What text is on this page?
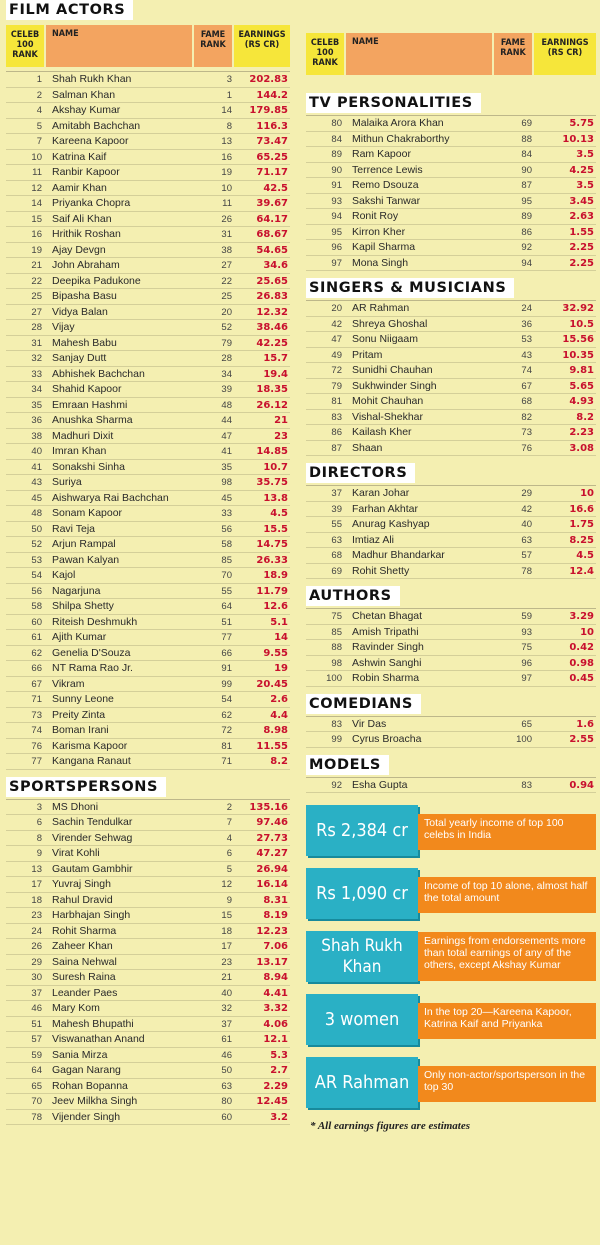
FILM ACTORS
CELEB 100 RANK
NAME	FAME RANK
EARNINGS (RS CR)
1 Shah Rukh Khan	3	202.83
2 Salman Khan	1	144.2
4 Akshay Kumar	14	179.85
5 Amitabh Bachchan	8	116.3
7 Kareena Kapoor	13	73.47
10 Katrina Kaif	16	65.25
11 Ranbir Kapoor	19	71.17
12 Aamir Khan	10	42.5
14 Priyanka Chopra	11	39.67
15 Saif Ali Khan	26	64.17
16 Hrithik Roshan	31	68.67
19 Ajay Devgn	38	54.65
21 John Abraham	27	34.6
22 Deepika Padukone	22	25.65
25 Bipasha Basu	25	26.83
27 Vidya Balan	20	12.32
28 Vijay	52	38.46
31 Mahesh Babu	79	42.25
32 Sanjay Dutt	28	15.7
33 Abhishek Bachchan	34	19.4
34 Shahid Kapoor	39	18.35
35 Emraan Hashmi	48	26.12
36 Anushka Sharma	44	21
38 Madhuri Dixit	47	23
40 Imran Khan	41	14.85
41 Sonakshi Sinha	35	10.7
43 Suriya	98	35.75
45 Aishwarya Rai Bachchan	45	13.8
48 Sonam Kapoor	33	4.5
50 Ravi Teja	56	15.5
52 Arjun Rampal	58	14.75
53 Pawan Kalyan	85	26.33
54 Kajol	70	18.9
56 Nagarjuna	55	11.79
58 Shilpa Shetty	64	12.6
60 Riteish Deshmukh	51	5.1
61 Ajith Kumar	77	14
62 Genelia D'Souza	66	9.55
66 NT Rama Rao Jr.	91	19
67 Vikram	99	20.45
71 Sunny Leone	54	2.6
73 Preity Zinta	62	4.4
74 Boman Irani	72	8.98
76 Karisma Kapoor	81	11.55
77 Kangana Ranaut	71	8.2
SPORTSPERSONS
3 MS Dhoni	2	135.16
6 Sachin Tendulkar	7	97.46
8 Virender Sehwag	4	27.73
9 Virat Kohli	6	47.27
13 Gautam Gambhir	5	26.94
17 Yuvraj Singh	12	16.14
18 Rahul Dravid	9	8.31
23 Harbhajan Singh	15	8.19
24 Rohit Sharma	18	12.23
26 Zaheer Khan	17	7.06
29 Saina Nehwal	23	13.17
30 Suresh Raina	21	8.94
37 Leander Paes	40	4.41
46 Mary Kom	32	3.32
51 Mahesh Bhupathi	37	4.06
57 Viswanathan Anand	61	12.1
59 Sania Mirza	46	5.3
64 Gagan Narang	50	2.7
65 Rohan Bopanna	63	2.29
70 Jeev Milkha Singh	80	12.45
78 Vijender Singh	60	3.2
CELEB 100 RANK
NAME	FAME RANK
EARNINGS (RS CR)
TV PERSONALITIES
80 Malaika Arora Khan	69	5.75
84 Mithun Chakraborthy	88	10.13
89 Ram Kapoor	84	3.5
90 Terrence Lewis	90	4.25
91 Remo Dsouza	87	3.5
93 Sakshi Tanwar	95	3.45
94 Ronit Roy	89	2.63
95 Kirron Kher	86	1.55
96 Kapil Sharma	92	2.25
97 Mona Singh	94	2.25
SINGERS & MUSICIANS
20 AR Rahman	24	32.92
42 Shreya Ghoshal	36	10.5
47 Sonu Niigaam	53	15.56
49 Pritam	43	10.35
72 Sunidhi Chauhan	74	9.81
79 Sukhwinder Singh	67	5.65
81 Mohit Chauhan	68	4.93
83 Vishal-Shekhar	82	8.2
86 Kailash Kher	73	2.23
87 Shaan	76	3.08
DIRECTORS
37 Karan Johar	29	10
39 Farhan Akhtar	42	16.6
55 Anurag Kashyap	40	1.75
63 Imtiaz Ali	63	8.25
68 Madhur Bhandarkar	57	4.5
69 Rohit Shetty	78	12.4
AUTHORS
75 Chetan Bhagat	59	3.29
85 Amish Tripathi	93	10
88 Ravinder Singh	75	0.42
98 Ashwin Sanghi	96	0.98
100 Robin Sharma	97	0.45
COMEDIANS
83 Vir Das	65	1.6
99 Cyrus Broacha	100	2.55
MODELS
92 Esha Gupta	83	0.94
Rs 2,384 cr	Total yearly income of top 100 celebs in India
Rs 1,090 cr	Income of top 10 alone, almost half the total amount
Shah Rukh Khan
Earnings from endorsements more than total earnings of any of the others, except Akshay Kumar
3 women	In the top 20—Kareena Kapoor, Katrina Kaif and Priyanka
AR Rahman	Only non-actor/sportsperson in the top 30
* All earnings figures are estimates
